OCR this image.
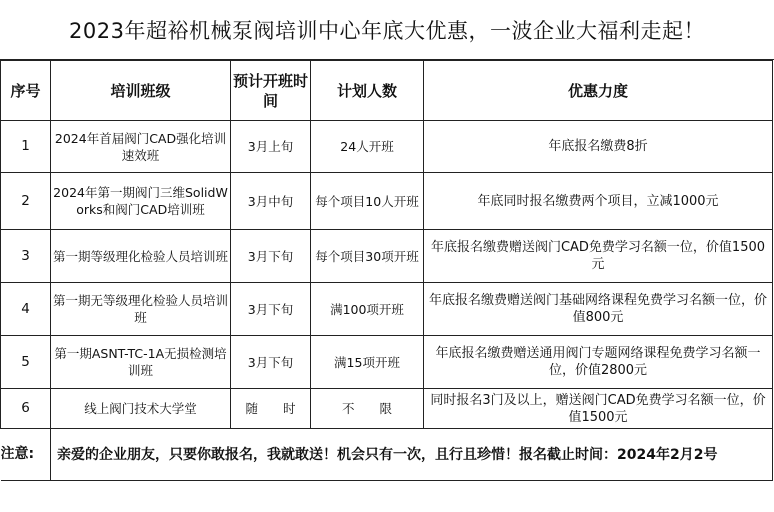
2023年超裕机械泵阀培训中心年底大优惠，一波企业大福利走起！
序号	培训班级	预计开班时间	计划人数	优惠力度
1	2024年首届阀门CAD强化培训速效班	3月上旬	24人开班	年底报名缴费8折
2	2024年第一期阀门三维SolidWorks和阀门CAD培训班	3月中旬	每个项目10人开班	年底同时报名缴费两个项目，立减1000元
3	第一期等级理化检验人员培训班	3月下旬	每个项目30项开班	年底报名缴费赠送阀门CAD免费学习名额一位，价值1500元
4	第一期无等级理化检验人员培训班	3月下旬	满100项开班	年底报名缴费赠送阀门基础网络课程免费学习名额一位，价值800元
5	第一期ASNT-TC-1A无损检测培训班	3月下旬	满15项开班	年底报名缴费赠送通用阀门专题网络课程免费学习名额一位，价值2800元
6	线上阀门技术大学堂	随　　时	不　　限	同时报名3门及以上，赠送阀门CAD免费学习名额一位，价值1500元
注意:	亲爱的企业朋友，只要你敢报名，我就敢送！机会只有一次，且行且珍惜！报名截止时间：2024年2月2号			
